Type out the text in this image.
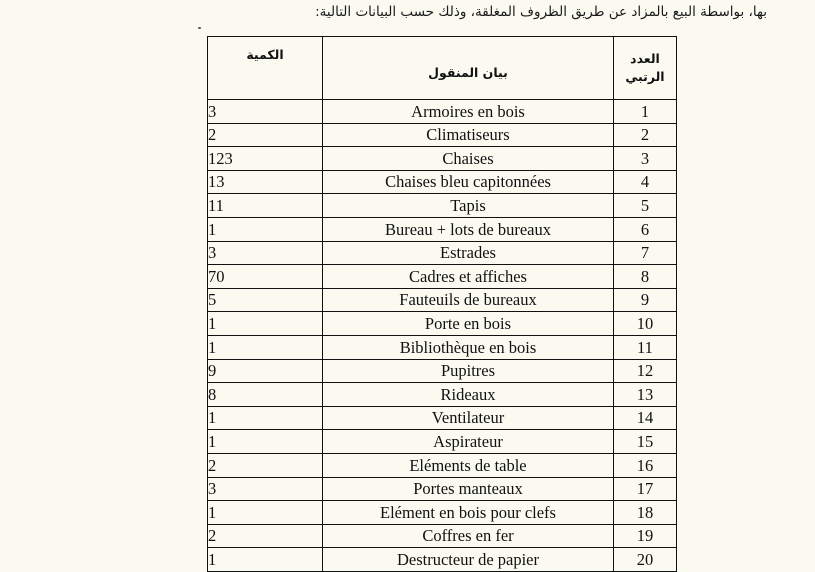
بها، بواسطة البيع بالمزاد عن طريق الظروف المغلقة، وذلك حسب البيانات التالية:
الكمية	بيان المنقول	العدد الرتبي
3	Armoires en bois	1
2	Climatiseurs	2
123	Chaises	3
13	Chaises bleu capitonnées	4
11	Tapis	5
1	Bureau + lots de bureaux	6
3	Estrades	7
70	Cadres et affiches	8
5	Fauteuils de bureaux	9
1	Porte en bois	10
1	Bibliothèque en bois	11
9	Pupitres	12
8	Rideaux	13
1	Ventilateur	14
1	Aspirateur	15
2	Eléments de table	16
3	Portes manteaux	17
1	Elément en bois pour clefs	18
2	Coffres en fer	19
1	Destructeur de papier	20
